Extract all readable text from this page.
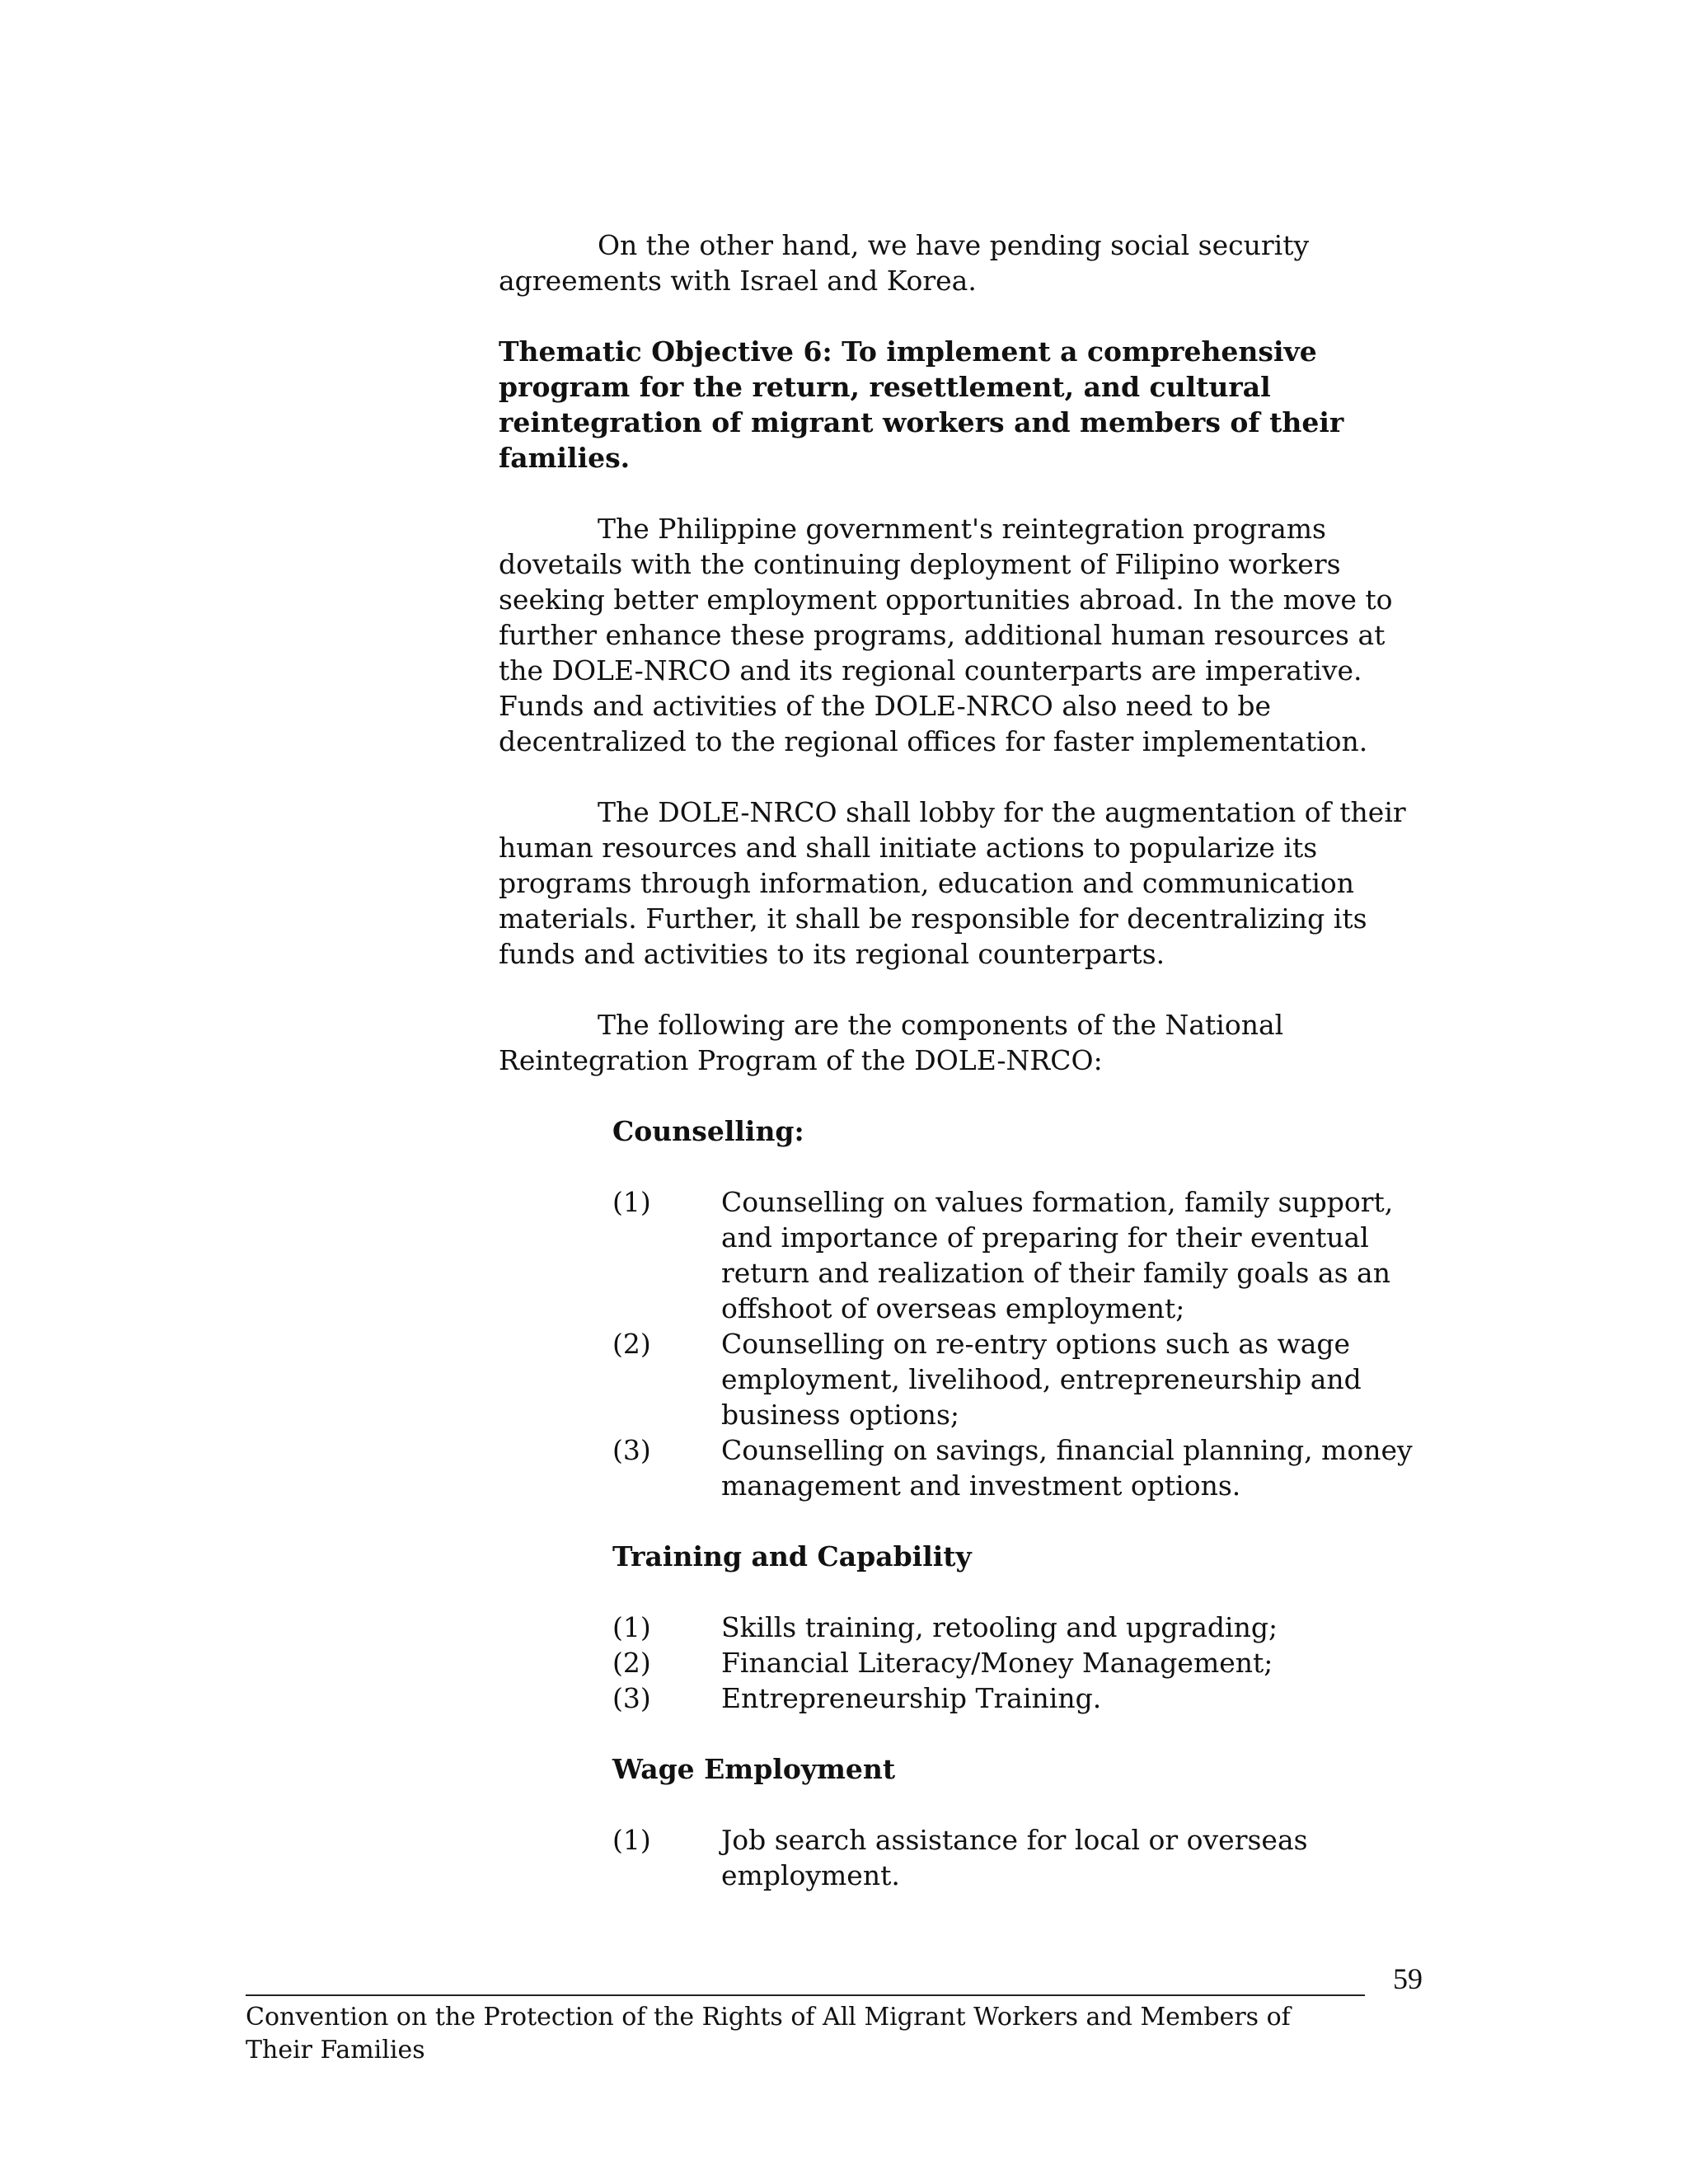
On the other hand, we have pending social security agreements with Israel and Korea.

Thematic Objective 6: To implement a comprehensive program for the return, resettlement, and cultural reintegration of migrant workers and members of their families.

The Philippine government's reintegration programs dovetails with the continuing deployment of Filipino workers seeking better employment opportunities abroad. In the move to further enhance these programs, additional human resources at the DOLE-NRCO and its regional counterparts are imperative. Funds and activities of the DOLE-NRCO also need to be decentralized to the regional offices for faster implementation.

The DOLE-NRCO shall lobby for the augmentation of their human resources and shall initiate actions to popularize its programs through information, education and communication materials. Further, it shall be responsible for decentralizing its funds and activities to its regional counterparts.

The following are the components of the National Reintegration Program of the DOLE-NRCO:

Counselling:

(1)	Counselling on values formation, family support, and importance of preparing for their eventual return and realization of their family goals as an offshoot of overseas employment;
(2)	Counselling on re-entry options such as wage employment, livelihood, entrepreneurship and business options;
(3)	Counselling on savings, financial planning, money management and investment options.

Training and Capability

(1)	Skills training, retooling and upgrading;
(2)	Financial Literacy/Money Management;
(3)	Entrepreneurship Training.

Wage Employment

(1)	Job search assistance for local or overseas employment.
59
Convention on the Protection of the Rights of All Migrant Workers and Members of Their Families
